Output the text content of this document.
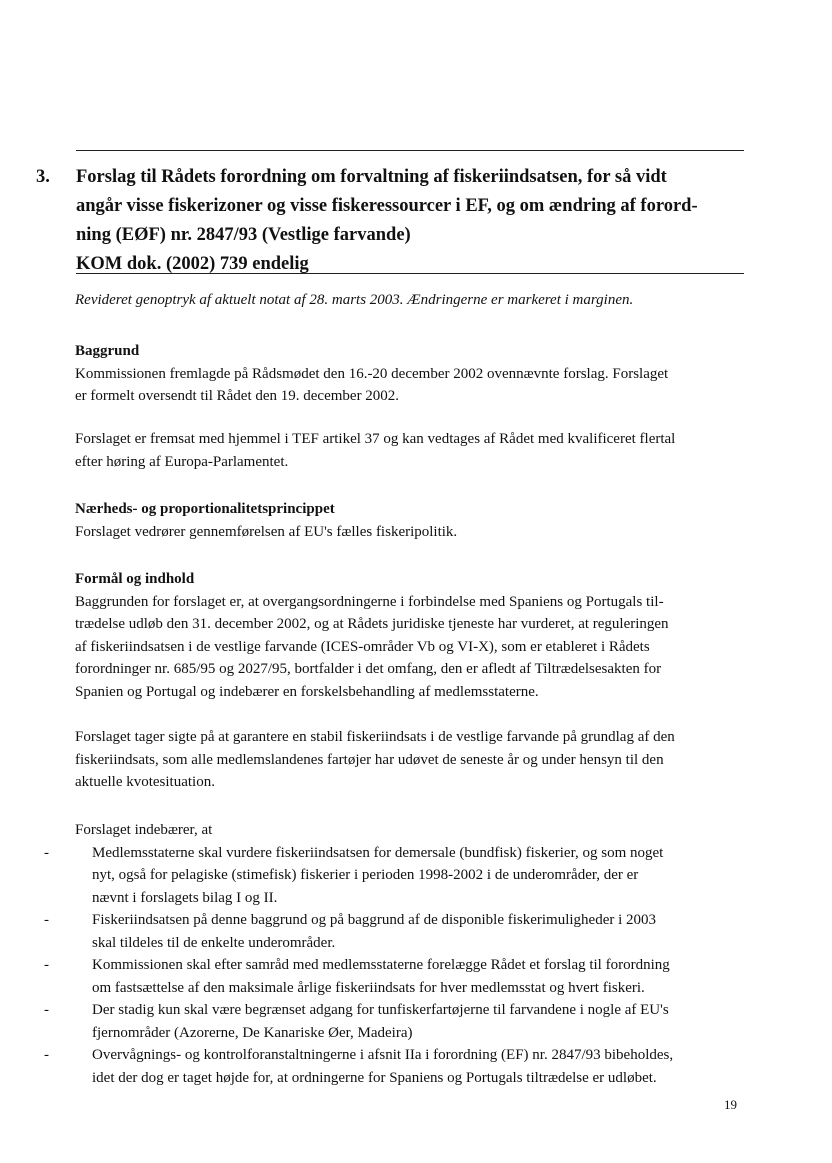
3. Forslag til Rådets forordning om forvaltning af fiskeriindsatsen, for så vidt
angår visse fiskerizoner og visse fiskeressourcer i EF, og om ændring af forord-
ning (EØF) nr. 2847/93 (Vestlige farvande)
KOM dok. (2002) 739 endelig
Revideret genoptryk af aktuelt notat af 28. marts 2003. Ændringerne er markeret i marginen.
Baggrund
Kommissionen fremlagde på Rådsmødet den 16.-20 december 2002 ovennævnte forslag. Forslaget
er formelt oversendt til Rådet den 19. december 2002.
Forslaget er fremsat med hjemmel i TEF artikel 37 og kan vedtages af Rådet med kvalificeret flertal
efter høring af Europa-Parlamentet.
Nærheds- og proportionalitetsprincippet
Forslaget vedrører gennemførelsen af EU's fælles fiskeripolitik.
Formål og indhold
Baggrunden for forslaget er, at overgangsordningerne i forbindelse med Spaniens og Portugals til-
trædelse udløb den 31. december 2002, og at Rådets juridiske tjeneste har vurderet, at reguleringen
af fiskeriindsatsen i de vestlige farvande (ICES-områder Vb og VI-X), som er etableret i Rådets
forordninger nr. 685/95 og 2027/95, bortfalder i det omfang, den er afledt af Tiltrædelsesakten for
Spanien og Portugal og indebærer en forskelsbehandling af medlemsstaterne.
Forslaget tager sigte på at garantere en stabil fiskeriindsats i de vestlige farvande på grundlag af den
fiskeriindsats, som alle medlemslandenes fartøjer har udøvet de seneste år og under hensyn til den
aktuelle kvotesituation.
Forslaget indebærer, at
-	Medlemsstaterne skal vurdere fiskeriindsatsen for demersale (bundfisk) fiskerier, og som noget
nyt, også for pelagiske (stimefisk) fiskerier i perioden 1998-2002 i de underområder, der er
nævnt i forslagets bilag I og II.
-	Fiskeriindsatsen på denne baggrund og på baggrund af de disponible fiskerimuligheder i 2003
skal tildeles til de enkelte underområder.
-	Kommissionen skal efter samråd med medlemsstaterne forelægge Rådet et forslag til forordning
om fastsættelse af den maksimale årlige fiskeriindsats for hver medlemsstat og hvert fiskeri.
-	Der stadig kun skal være begrænset adgang for tunfiskerfartøjerne til farvandene i nogle af EU's
fjernområder (Azorerne, De Kanariske Øer, Madeira)
-	Overvågnings- og kontrolforanstaltningerne i afsnit IIa i forordning (EF) nr. 2847/93 bibeholdes,
idet der dog er taget højde for, at ordningerne for Spaniens og Portugals tiltrædelse er udløbet.
19
